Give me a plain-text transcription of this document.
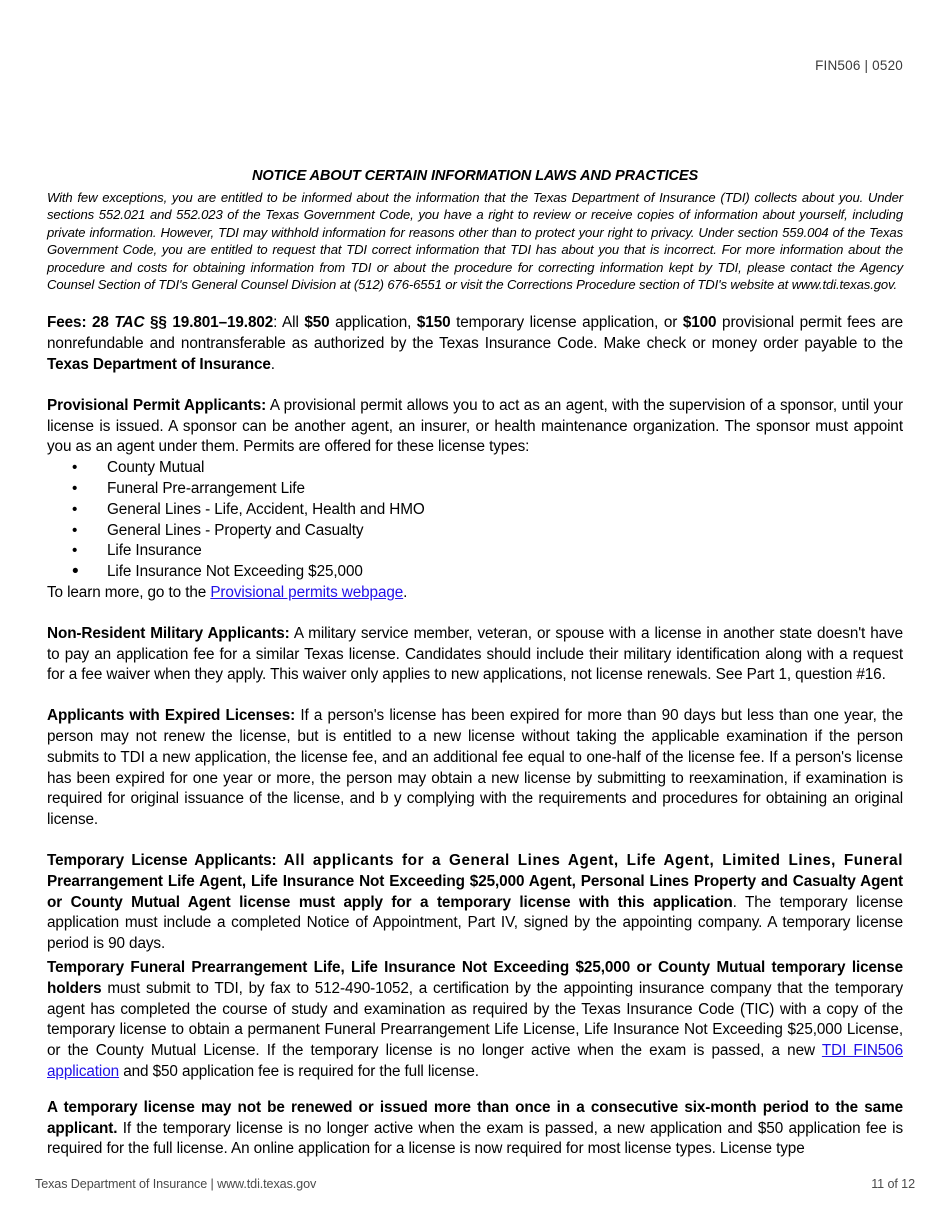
FIN506 | 0520
NOTICE ABOUT CERTAIN INFORMATION LAWS AND PRACTICES

With few exceptions, you are entitled to be informed about the information that the Texas Department of Insurance (TDI) collects about you. Under sections 552.021 and 552.023 of the Texas Government Code, you have a right to review or receive copies of information about yourself, including private information. However, TDI may withhold information for reasons other than to protect your right to privacy. Under section 559.004 of the Texas Government Code, you are entitled to request that TDI correct information that TDI has about you that is incorrect. For more information about the procedure and costs for obtaining information from TDI or about the procedure for correcting information kept by TDI, please contact the Agency Counsel Section of TDI's General Counsel Division at (512) 676-6551 or visit the Corrections Procedure section of TDI's website at www.tdi.texas.gov.

Fees: 28 TAC §§ 19.801–19.802: All $50 application, $150 temporary license application, or $100 provisional permit fees are nonrefundable and nontransferable as authorized by the Texas Insurance Code. Make check or money order payable to the Texas Department of Insurance.

Provisional Permit Applicants: A provisional permit allows you to act as an agent, with the supervision of a sponsor, until your license is issued. A sponsor can be another agent, an insurer, or health maintenance organization. The sponsor must appoint you as an agent under them. Permits are offered for these license types:

• County Mutual
• Funeral Pre-arrangement Life
• General Lines - Life, Accident, Health and HMO
• General Lines - Property and Casualty
• Life Insurance
• Life Insurance Not Exceeding $25,000

To learn more, go to the Provisional permits webpage.

Non-Resident Military Applicants: A military service member, veteran, or spouse with a license in another state doesn't have to pay an application fee for a similar Texas license. Candidates should include their military identification along with a request for a fee waiver when they apply. This waiver only applies to new applications, not license renewals. See Part 1, question #16.

Applicants with Expired Licenses: If a person's license has been expired for more than 90 days but less than one year, the person may not renew the license, but is entitled to a new license without taking the applicable examination if the person submits to TDI a new application, the license fee, and an additional fee equal to one-half of the license fee. If a person's license has been expired for one year or more, the person may obtain a new license by submitting to reexamination, if examination is required for original issuance of the license, and b y complying with the requirements and procedures for obtaining an original license.

Temporary License Applicants: All applicants for a General Lines Agent, Life Agent, Limited Lines, Funeral Prearrangement Life Agent, Life Insurance Not Exceeding $25,000 Agent, Personal Lines Property and Casualty Agent or County Mutual Agent license must apply for a temporary license with this application. The temporary license application must include a completed Notice of Appointment, Part IV, signed by the appointing company. A temporary license period is 90 days.

Temporary Funeral Prearrangement Life, Life Insurance Not Exceeding $25,000 or County Mutual temporary license holders must submit to TDI, by fax to 512-490-1052, a certification by the appointing insurance company that the temporary agent has completed the course of study and examination as required by the Texas Insurance Code (TIC) with a copy of the temporary license to obtain a permanent Funeral Prearrangement Life License, Life Insurance Not Exceeding $25,000 License, or the County Mutual License. If the temporary license is no longer active when the exam is passed, a new TDI FIN506 application and $50 application fee is required for the full license.

A temporary license may not be renewed or issued more than once in a consecutive six-month period to the same applicant. If the temporary license is no longer active when the exam is passed, a new application and $50 application fee is required for the full license. An online application for a license is now required for most license types. License type

Texas Department of Insurance | www.tdi.texas.gov	11 of 12
